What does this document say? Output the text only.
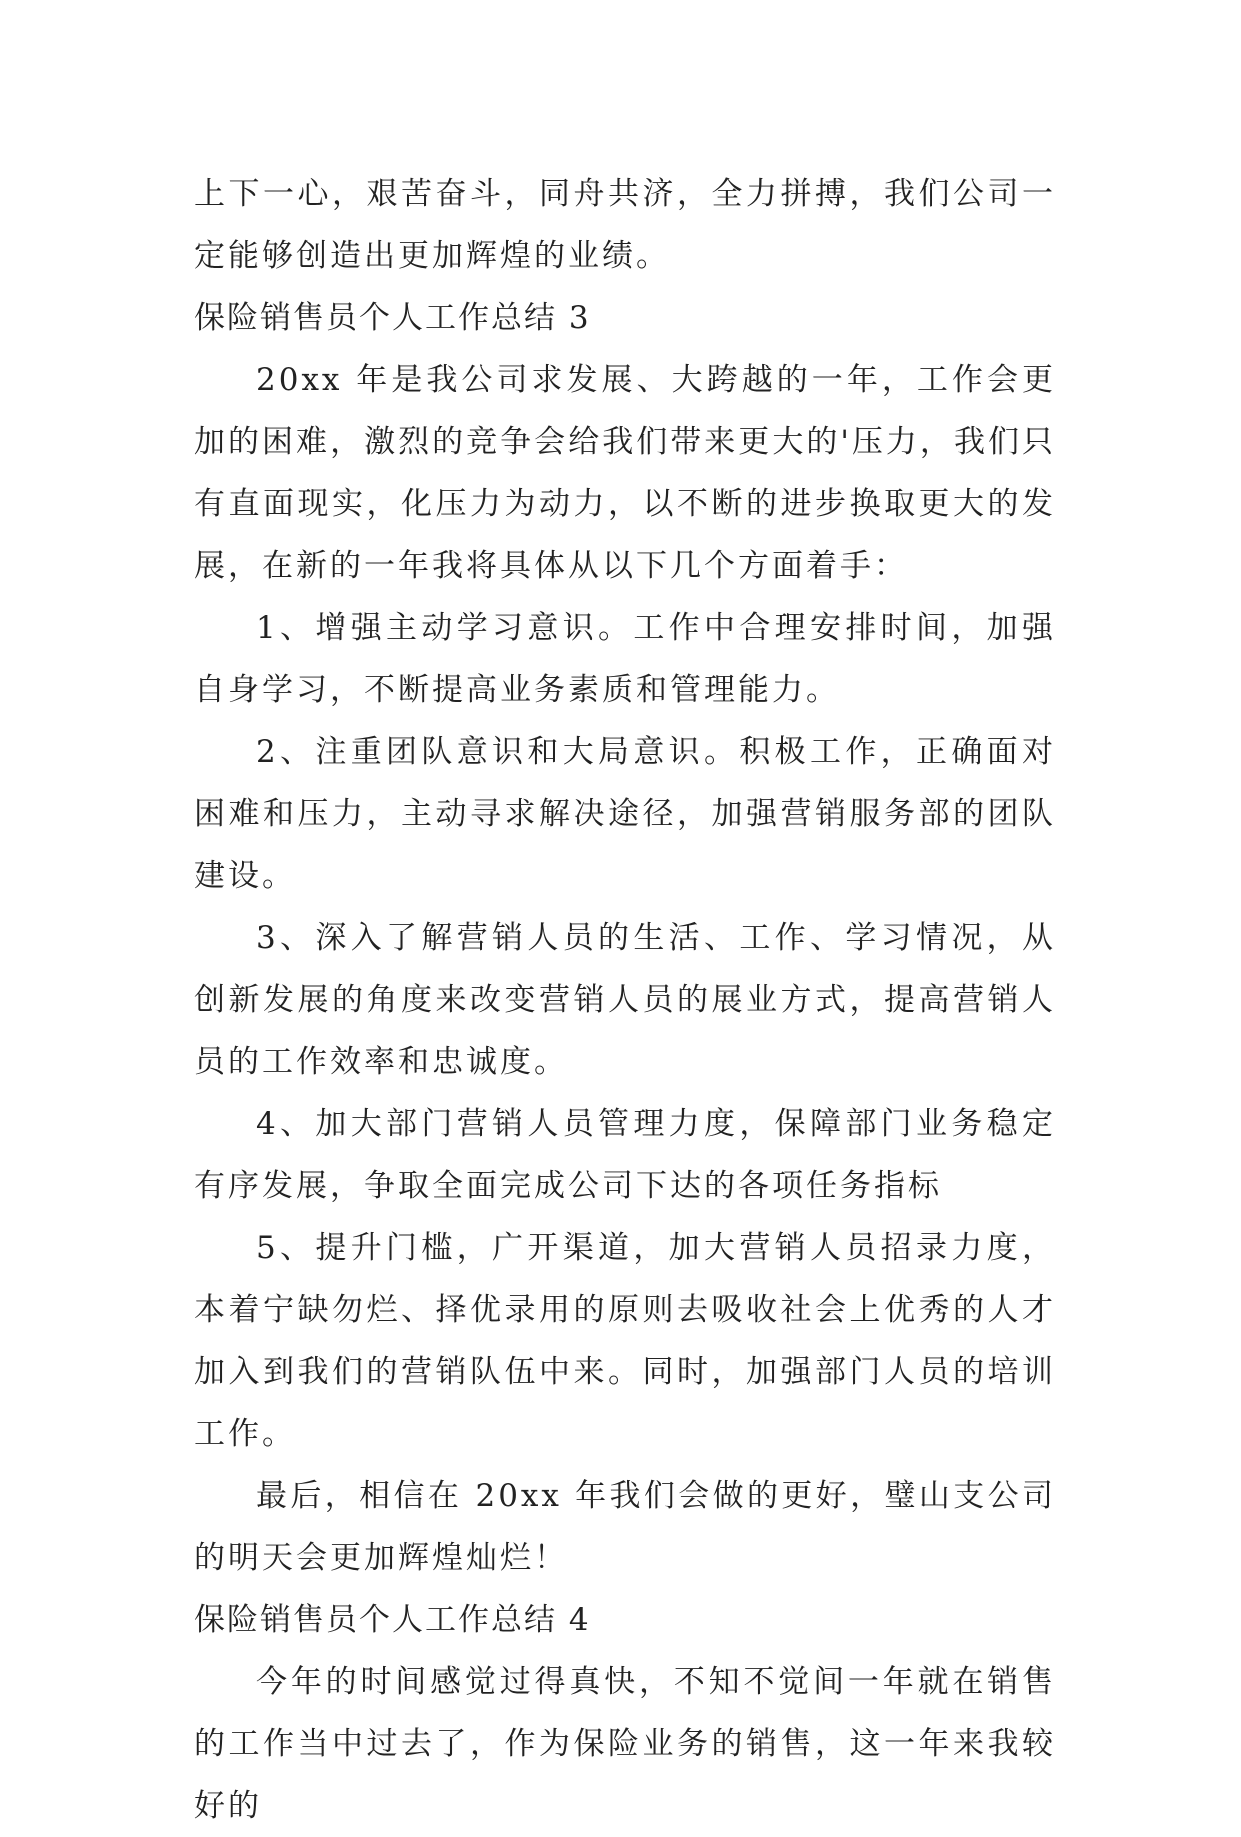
上下一心，艰苦奋斗，同舟共济，全力拼搏，我们公司一定能够创造出更加辉煌的业绩。

保险销售员个人工作总结 3

20xx 年是我公司求发展、大跨越的一年，工作会更加的困难，激烈的竞争会给我们带来更大的'压力，我们只有直面现实，化压力为动力，以不断的进步换取更大的发展，在新的一年我将具体从以下几个方面着手：

1、增强主动学习意识。工作中合理安排时间，加强自身学习，不断提高业务素质和管理能力。

2、注重团队意识和大局意识。积极工作，正确面对困难和压力，主动寻求解决途径，加强营销服务部的团队建设。

3、深入了解营销人员的生活、工作、学习情况，从创新发展的角度来改变营销人员的展业方式，提高营销人员的工作效率和忠诚度。

4、加大部门营销人员管理力度，保障部门业务稳定有序发展，争取全面完成公司下达的各项任务指标

5、提升门槛，广开渠道，加大营销人员招录力度，本着宁缺勿烂、择优录用的原则去吸收社会上优秀的人才加入到我们的营销队伍中来。同时，加强部门人员的培训工作。

最后，相信在 20xx 年我们会做的更好，璧山支公司的明天会更加辉煌灿烂！

保险销售员个人工作总结 4

今年的时间感觉过得真快，不知不觉间一年就在销售的工作当中过去了，作为保险业务的销售，这一年来我较好的
